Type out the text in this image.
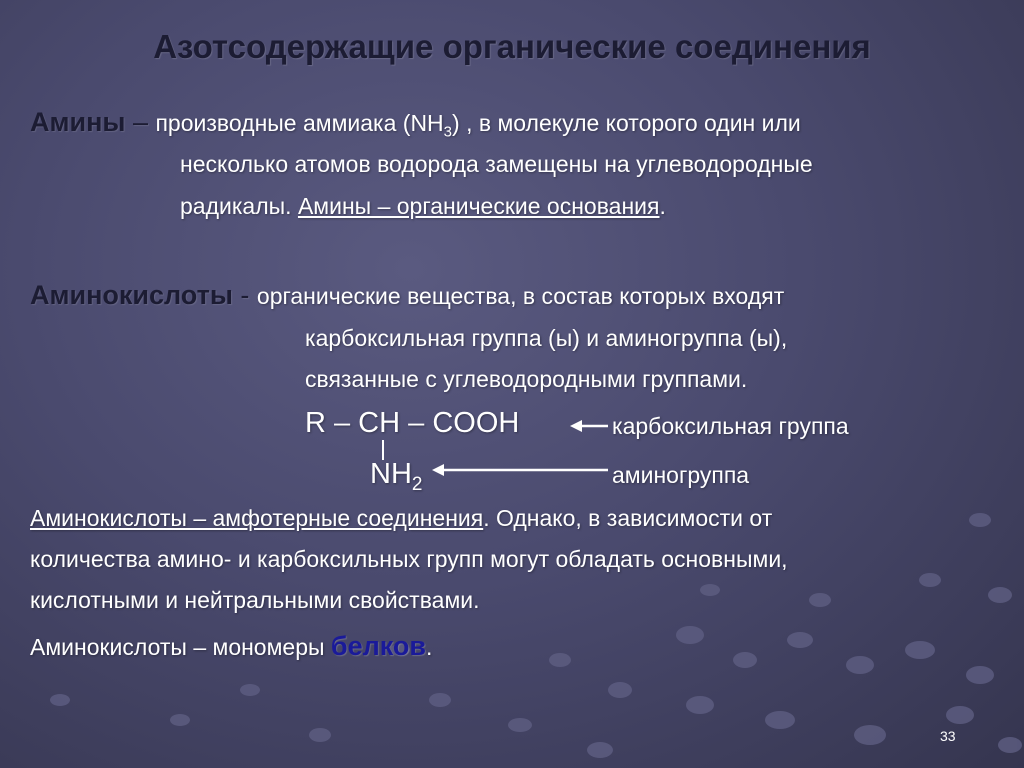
Азотсодержащие органические соединения
Амины – производные аммиака $(NH_3)$ , в молекуле которого один или
несколько атомов водорода замещены на углеводородные
радикалы. Амины – органические основания.
Аминокислоты - органические вещества, в состав которых входят
карбоксильная группа (ы) и аминогруппа (ы),
связанные с углеводородными группами.
R – CH – COOH	карбоксильная группа
$NH_2$	аминогруппа
Аминокислоты – амфотерные соединения. Однако, в зависимости от
количества амино- и карбоксильных групп могут обладать основными,
кислотными и нейтральными свойствами.
Аминокислоты – мономеры белков.
33
